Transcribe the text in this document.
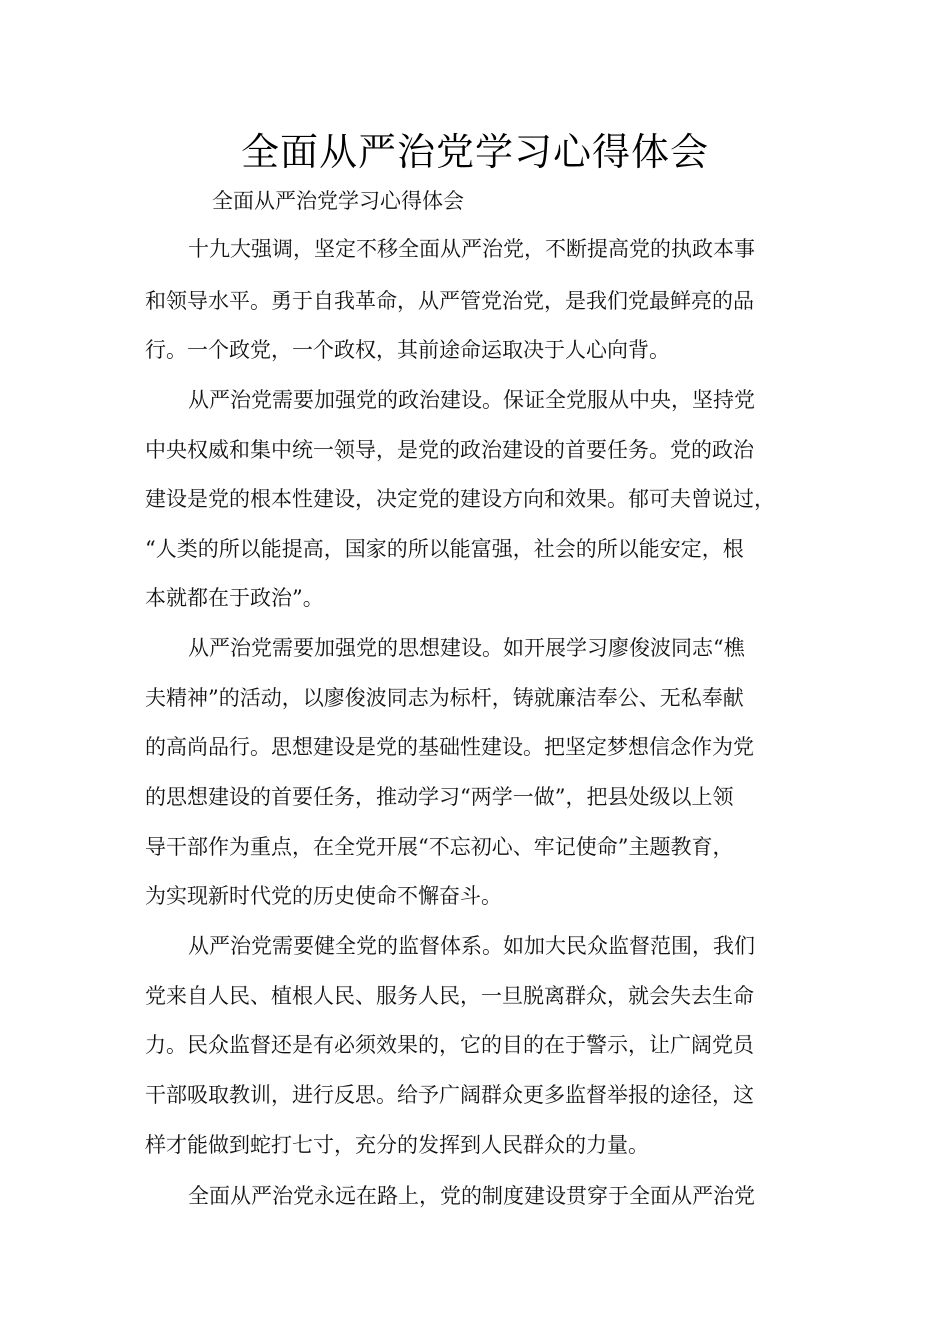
全面从严治党学习心得体会

全面从严治党学习心得体会

十九大强调，坚定不移全面从严治党，不断提高党的执政本事

和领导水平。勇于自我革命，从严管党治党，是我们党最鲜亮的品

行。一个政党，一个政权，其前途命运取决于人心向背。

从严治党需要加强党的政治建设。保证全党服从中央，坚持党

中央权威和集中统一领导，是党的政治建设的首要任务。党的政治

建设是党的根本性建设，决定党的建设方向和效果。郁可夫曾说过，

“人类的所以能提高，国家的所以能富强，社会的所以能安定，根

本就都在于政治”。

从严治党需要加强党的思想建设。如开展学习廖俊波同志“樵

夫精神”的活动，以廖俊波同志为标杆，铸就廉洁奉公、无私奉献

的高尚品行。思想建设是党的基础性建设。把坚定梦想信念作为党

的思想建设的首要任务，推动学习“两学一做”，把县处级以上领

导干部作为重点，在全党开展“不忘初心、牢记使命”主题教育，

为实现新时代党的历史使命不懈奋斗。

从严治党需要健全党的监督体系。如加大民众监督范围，我们

党来自人民、植根人民、服务人民，一旦脱离群众，就会失去生命

力。民众监督还是有必须效果的，它的目的在于警示，让广阔党员

干部吸取教训，进行反思。给予广阔群众更多监督举报的途径，这

样才能做到蛇打七寸，充分的发挥到人民群众的力量。

全面从严治党永远在路上，党的制度建设贯穿于全面从严治党
